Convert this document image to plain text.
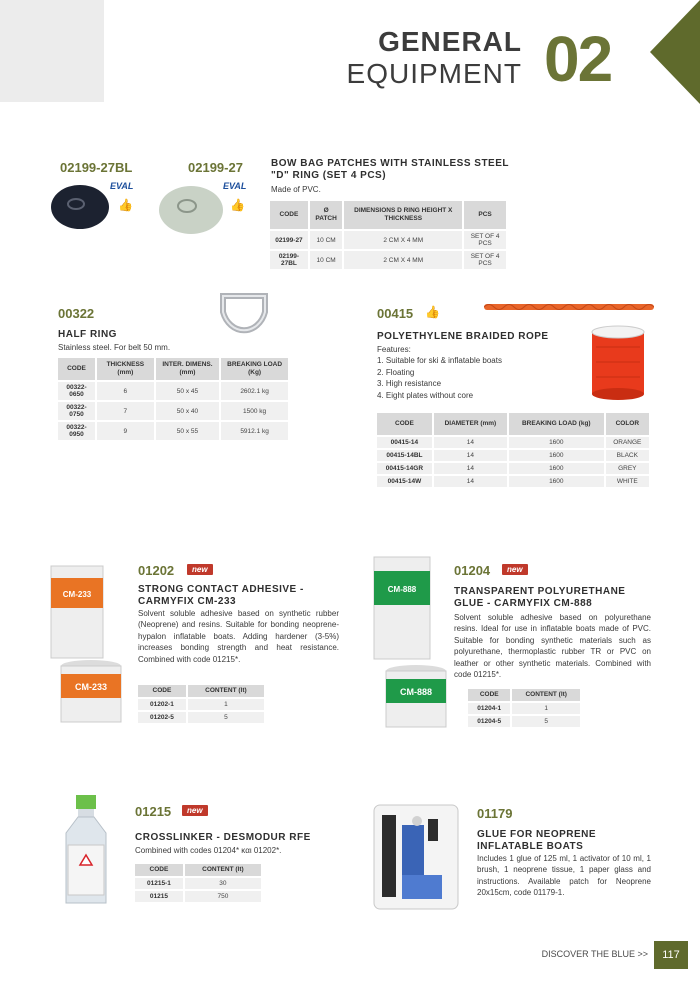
GENERAL
EQUIPMENT 02
02199-27BL	02199-27
EVAL	EVAL
👍	👍
BOW BAG PATCHES WITH STAINLESS STEEL "D" RING (SET 4 PCS)
Made of PVC.
CODE	Ø PATCH	DIMENSIONS D RING HEIGHT X THICKNESS	PCS
02199-27	10 CM	2 CM X 4 MM	SET OF 4 PCS
02199-27BL	10 CM	2 CM X 4 MM	SET OF 4 PCS
00322
HALF RING
Stainless steel. For belt 50 mm.
CODE	THICKNESS (mm)	INTER. DIMENS. (mm)	BREAKING LOAD (Kg)
00322-0650	6	50 x 45	2602.1 kg
00322-0750	7	50 x 40	1500 kg
00322-0950	9	50 x 55	5912.1 kg
00415 👍
POLYETHYLENE BRAIDED ROPE
Features:
1. Suitable for ski & inflatable boats
2. Floating
3. High resistance
4. Eight plates without core
CODE	DIAMETER (mm)	BREAKING LOAD (kg)	COLOR
00415-14	14	1600	ORANGE
00415-14BL	14	1600	BLACK
00415-14GR	14	1600	GREY
00415-14W	14	1600	WHITE
CM-233
CM-233
01202	new
STRONG CONTACT ADHESIVE - CARMYFIX CM-233
Solvent soluble adhesive based on synthetic rubber (Neoprene) and resins. Suitable for bonding neoprene-hypalon inflatable boats. Adding hardener (3-5%) increases bonding strength and heat resistance. Combined with code 01215*.
CODE	CONTENT (lt)
01202-1	1
01202-5	5
CM-888
CM-888
01204	new
TRANSPARENT POLYURETHANE GLUE - CARMYFIX CM-888
Solvent soluble adhesive based on polyurethane resins. Ideal for use in inflatable boats made of PVC. Suitable for bonding synthetic materials such as polyurethane, thermoplastic rubber TR or PVC on leather or other synthetic materials. Combined with code 01215*.
CODE	CONTENT (lt)
01204-1	1
01204-5	5
01215	new
CROSSLINKER - DESMODUR RFE
Combined with codes 01204* και 01202*.
CODE	CONTENT (lt)
01215-1	30
01215	750
01179
GLUE FOR NEOPRENE INFLATABLE BOATS
Includes 1 glue of 125 ml, 1 activator of 10 ml, 1 brush, 1 neoprene tissue, 1 paper glass and instructions. Available patch for Neoprene 20x15cm, code 01179-1.
DISCOVER THE BLUE >>	117
